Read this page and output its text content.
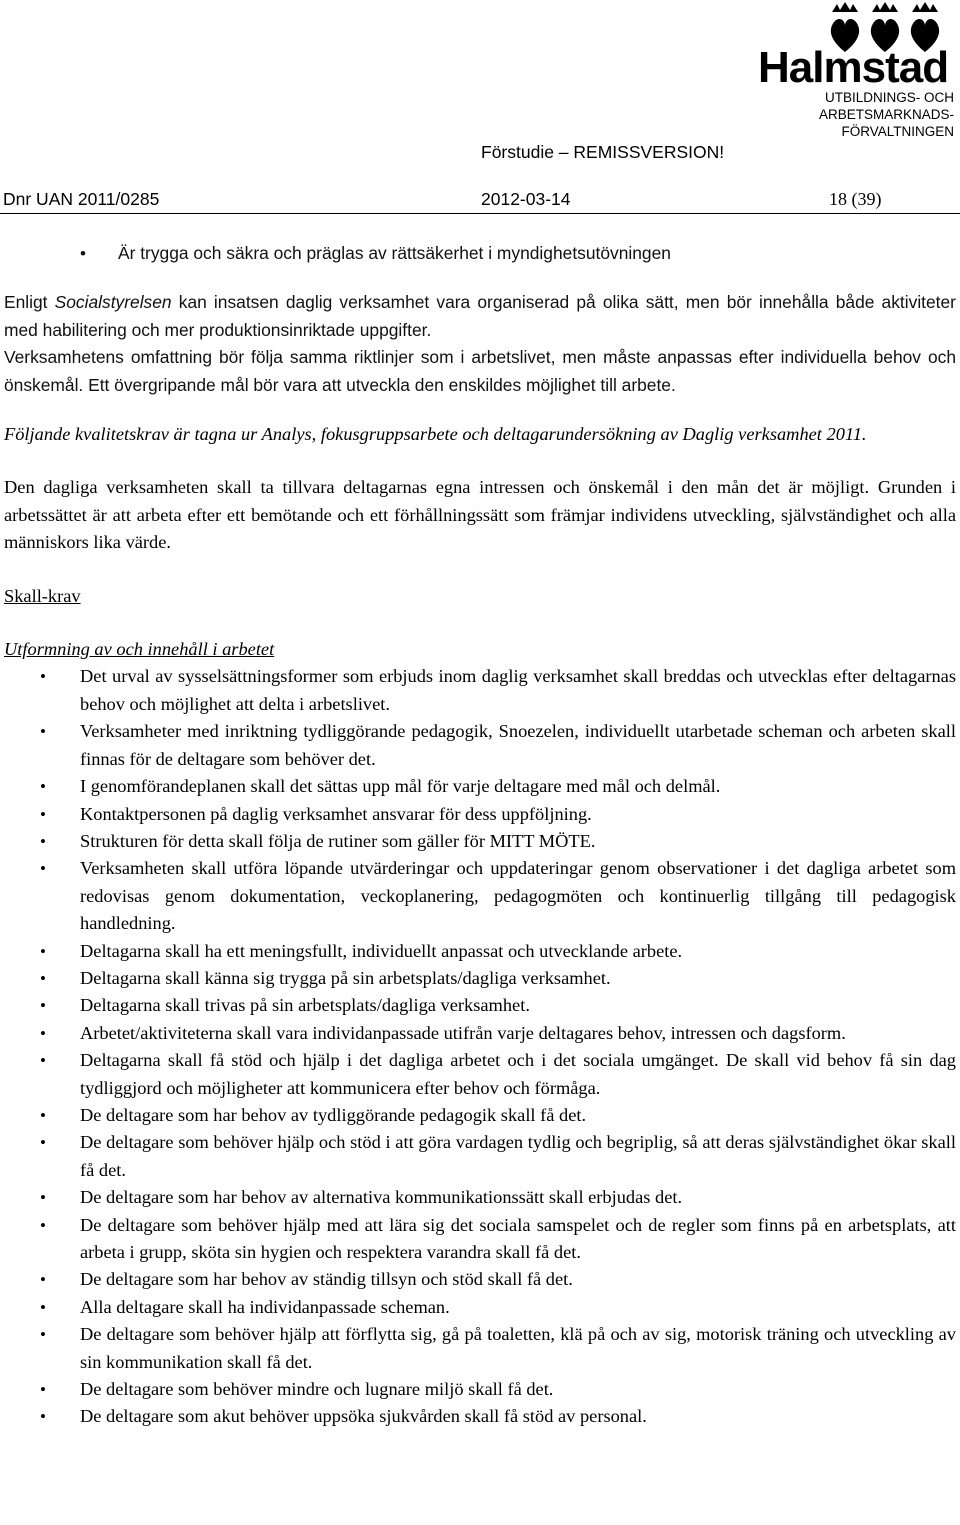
Halmstad
UTBILDNINGS- OCH
ARBETSMARKNADS-
FÖRVALTNINGEN
Förstudie – REMISSVERSION!
Dnr UAN 2011/0285	2012-03-14	18 (39)
• Är trygga och säkra och präglas av rättsäkerhet i myndighetsutövningen

Enligt Socialstyrelsen kan insatsen daglig verksamhet vara organiserad på olika sätt, men bör innehålla både aktiviteter med habilitering och mer produktionsinriktade uppgifter.

Verksamhetens omfattning bör följa samma riktlinjer som i arbetslivet, men måste anpassas efter individuella behov och önskemål. Ett övergripande mål bör vara att utveckla den enskildes möjlighet till arbete.

Följande kvalitetskrav är tagna ur Analys, fokusgruppsarbete och deltagarundersökning av Daglig verksamhet 2011.

Den dagliga verksamheten skall ta tillvara deltagarnas egna intressen och önskemål i den mån det är möjligt. Grunden i arbetssättet är att arbeta efter ett bemötande och ett förhållningssätt som främjar individens utveckling, självständighet och alla människors lika värde.

Skall-krav

Utformning av och innehåll i arbetet

• Det urval av sysselsättningsformer som erbjuds inom daglig verksamhet skall breddas och utvecklas efter deltagarnas behov och möjlighet att delta i arbetslivet.
• Verksamheter med inriktning tydliggörande pedagogik, Snoezelen, individuellt utarbetade scheman och arbeten skall finnas för de deltagare som behöver det.
• I genomförandeplanen skall det sättas upp mål för varje deltagare med mål och delmål.
• Kontaktpersonen på daglig verksamhet ansvarar för dess uppföljning.
• Strukturen för detta skall följa de rutiner som gäller för MITT MÖTE.
• Verksamheten skall utföra löpande utvärderingar och uppdateringar genom observationer i det dagliga arbetet som redovisas genom dokumentation, veckoplanering, pedagogmöten och kontinuerlig tillgång till pedagogisk handledning.
• Deltagarna skall ha ett meningsfullt, individuellt anpassat och utvecklande arbete.
• Deltagarna skall känna sig trygga på sin arbetsplats/dagliga verksamhet.
• Deltagarna skall trivas på sin arbetsplats/dagliga verksamhet.
• Arbetet/aktiviteterna skall vara individanpassade utifrån varje deltagares behov, intressen och dagsform.
• Deltagarna skall få stöd och hjälp i det dagliga arbetet och i det sociala umgänget. De skall vid behov få sin dag tydliggjord och möjligheter att kommunicera efter behov och förmåga.
• De deltagare som har behov av tydliggörande pedagogik skall få det.
• De deltagare som behöver hjälp och stöd i att göra vardagen tydlig och begriplig, så att deras självständighet ökar skall få det.
• De deltagare som har behov av alternativa kommunikationssätt skall erbjudas det.
• De deltagare som behöver hjälp med att lära sig det sociala samspelet och de regler som finns på en arbetsplats, att arbeta i grupp, sköta sin hygien och respektera varandra skall få det.
• De deltagare som har behov av ständig tillsyn och stöd skall få det.
• Alla deltagare skall ha individanpassade scheman.
• De deltagare som behöver hjälp att förflytta sig, gå på toaletten, klä på och av sig, motorisk träning och utveckling av sin kommunikation skall få det.
• De deltagare som behöver mindre och lugnare miljö skall få det.
• De deltagare som akut behöver uppsöka sjukvården skall få stöd av personal.
